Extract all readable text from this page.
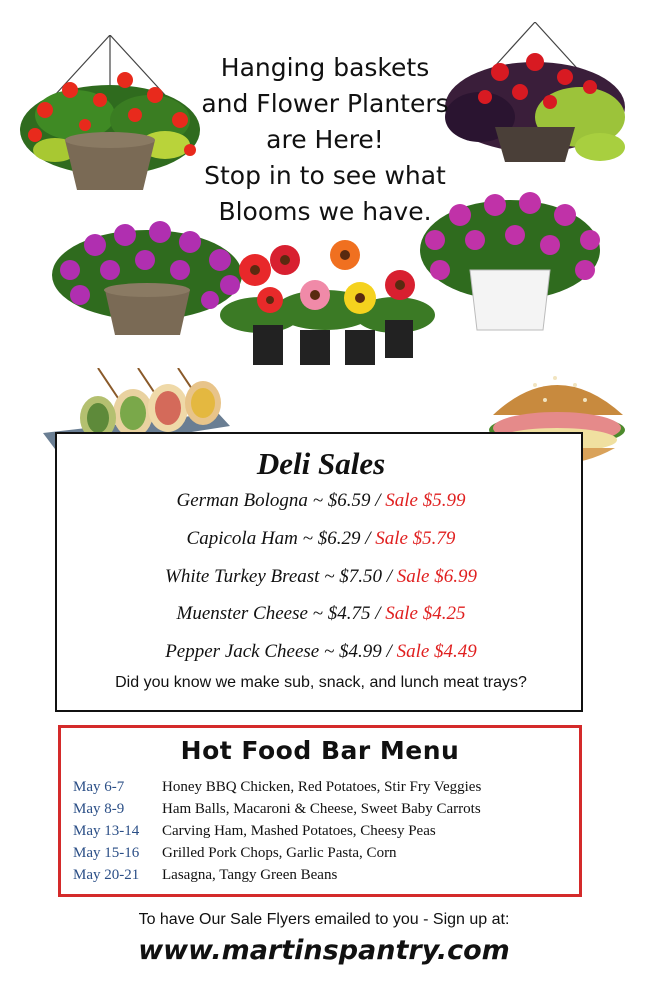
Hanging baskets
and Flower Planters
are Here!
Stop in to see what
Blooms we have.
Deli Sales
German Bologna ~ $6.59 / Sale $5.99
Capicola Ham ~ $6.29 / Sale $5.79
White Turkey Breast ~ $7.50 / Sale $6.99
Muenster Cheese ~ $4.75 / Sale $4.25
Pepper Jack Cheese ~ $4.99 / Sale $4.49
Did you know we make sub, snack, and lunch meat trays?
Hot Food Bar Menu
May 6-7	Honey BBQ Chicken, Red Potatoes, Stir Fry Veggies
May 8-9	Ham Balls, Macaroni & Cheese, Sweet Baby Carrots
May 13-14 Carving Ham, Mashed Potatoes, Cheesy Peas
May 15-16 Grilled Pork Chops, Garlic Pasta, Corn
May 20-21 Lasagna, Tangy Green Beans
To have Our Sale Flyers emailed to you - Sign up at:
www.martinspantry.com
